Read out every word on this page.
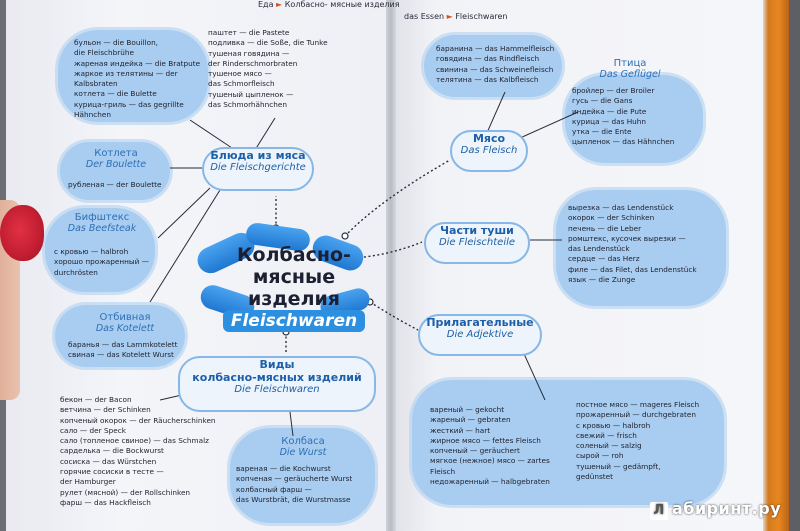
Еда ► Колбасно- мясные изделия
das Essen ► Fleischwaren
Колбасно-мясные изделия
Fleischwaren
бульон — die Bouillon,
die Fleischbrühe
жареная индейка — die Bratpute
жаркое из телятины — der
Kalbsbraten
котлета — die Bulette
курица-гриль — das gegrillte
Hähnchen
паштет — die Pastete
подливка — die Soße, die Tunke
тушеная говядина —
der Rinderschmorbraten
тушеное мясо —
das Schmorfleisch
тушеный цыпленок —
das Schmorhähnchen
Блюда из мяса
Die Fleischgerichte
Котлета
Der Boulette
рубленая — der Boulette
Бифштекс
Das Beefsteak
с кровью — halbroh
хорошо прожаренный —
durchrösten
Отбивная
Das Kotelett
баранья — das Lammkotelett
свиная — das Kotelett Wurst
Виды
колбасно-мясных изделий
Die Fleischwaren
бекон — der Bacon
ветчина — der Schinken
копченый окорок — der Räucherschinken
сало — der Speck
сало (топленое свиное) — das Schmalz
сарделька — die Bockwurst
сосиска — das Würstchen
горячие сосиски в тесте —
der Hamburger
рулет (мясной) — der Rollschinken
фарш — das Hackfleisch
Колбаса
Die Wurst
вареная — die Kochwurst
копченая — geräucherte Wurst
колбасный фарш —
das Wurstbrät, die Wurstmasse
баранина — das Hammelfleisch
говядина — das Rindfleisch
свинина — das Schweinefleisch
телятина — das Kalbfleisch
Мясо
Das Fleisch
Птица
Das Geflügel
бройлер — der Broiler
гусь — die Gans
индейка — die Pute
курица — das Huhn
утка — die Ente
цыпленок — das Hähnchen
Части туши
Die Fleischteile
вырезка — das Lendenstück
окорок — der Schinken
печень — die Leber
ромштекс, кусочек вырезки —
das Lendenstück
сердце — das Herz
филе — das Filet, das Lendenstück
язык — die Zunge
Прилагательные
Die Adjektive
вареный — gekocht
жареный — gebraten
жесткий — hart
жирное мясо — fettes Fleisch
копченый — geräuchert
мягкое (нежное) мясо — zartes
Fleisch
недожаренный — halbgebraten
постное мясо — mageres Fleisch
прожаренный — durchgebraten
с кровью — halbroh
свежий — frisch
соленый — salzig
сырой — roh
тушеный — gedämpft,
gedünstet
Л абиринт.ру
